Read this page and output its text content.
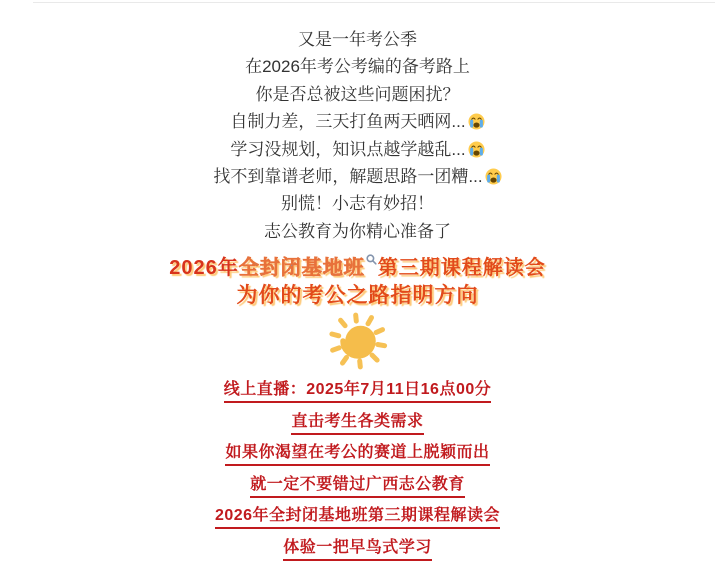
又是一年考公季

在2026年考公考编的备考路上

你是否总被这些问题困扰？

自制力差，三天打鱼两天晒网...

学习没规划，知识点越学越乱...

找不到靠谱老师，解题思路一团糟...

别慌！小志有妙招！

志公教育为你精心准备了

2026年全封闭基地班 第三期课程解读会
为你的考公之路指明方向

线上直播：2025年7月11日16点00分

直击考生各类需求

如果你渴望在考公的赛道上脱颖而出

就一定不要错过广西志公教育

2026年全封闭基地班第三期课程解读会

体验一把早鸟式学习
